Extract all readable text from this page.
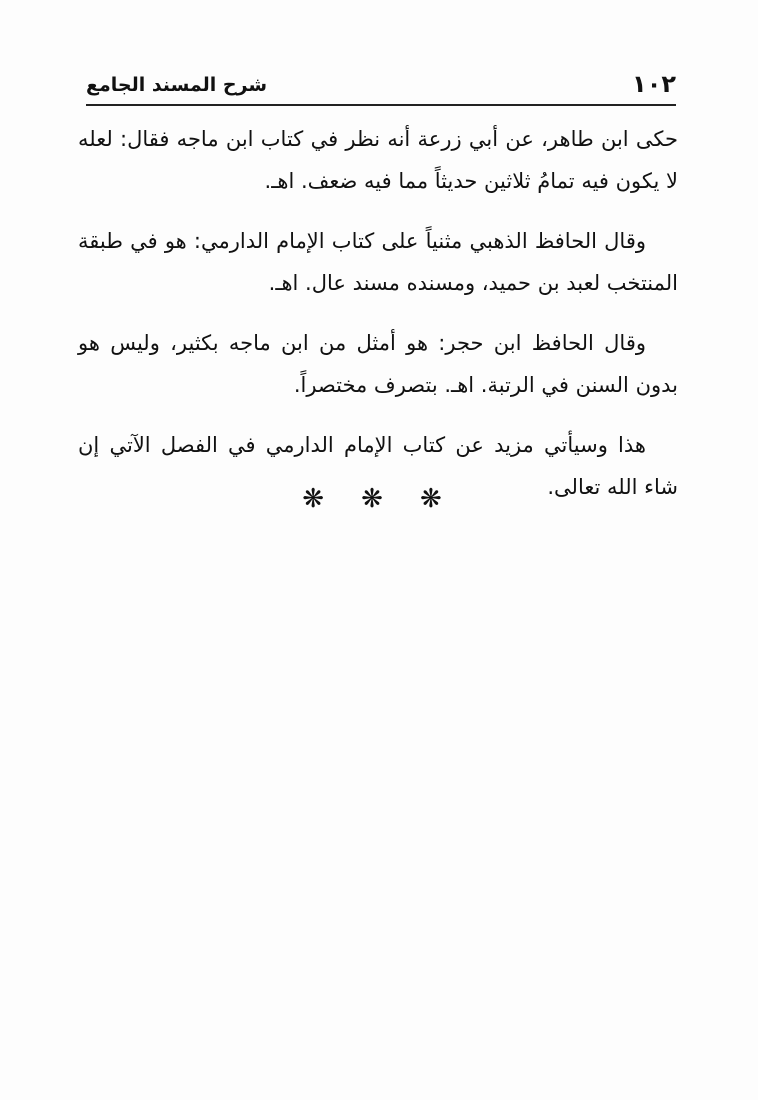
١٠٢
شرح المسند الجامع

حكى ابن طاهر، عن أبي زرعة أنه نظر في كتاب ابن ماجه فقال: لعله لا يكون فيه تمامُ ثلاثين حديثاً مما فيه ضعف. اهـ.

وقال الحافظ الذهبي مثنياً على كتاب الإمام الدارمي: هو في طبقة المنتخب لعبد بن حميد، ومسنده مسند عال. اهـ.

وقال الحافظ ابن حجر: هو أمثل من ابن ماجه بكثير، وليس هو بدون السنن في الرتبة. اهـ. بتصرف مختصراً.

هذا وسيأتي مزيد عن كتاب الإمام الدارمي في الفصل الآتي إن شاء الله تعالى.

❋ ❋ ❋
